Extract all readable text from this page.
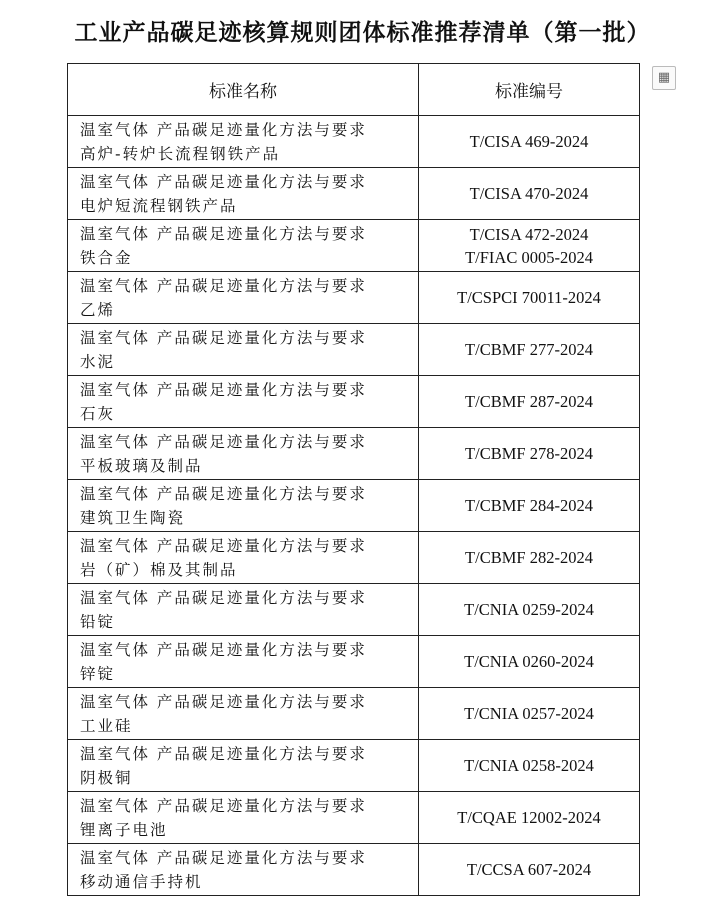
工业产品碳足迹核算规则团体标准推荐清单（第一批）
▦
标准名称	标准编号

温室气体 产品碳足迹量化方法与要求
高炉-转炉长流程钢铁产品	T/CISA 469-2024

温室气体 产品碳足迹量化方法与要求
电炉短流程钢铁产品	T/CISA 470-2024

温室气体 产品碳足迹量化方法与要求
铁合金	T/CISA 472-2024
T/FIAC 0005-2024

温室气体 产品碳足迹量化方法与要求
乙烯	T/CSPCI 70011-2024

温室气体 产品碳足迹量化方法与要求
水泥	T/CBMF 277-2024

温室气体 产品碳足迹量化方法与要求
石灰	T/CBMF 287-2024

温室气体 产品碳足迹量化方法与要求
平板玻璃及制品	T/CBMF 278-2024

温室气体 产品碳足迹量化方法与要求
建筑卫生陶瓷	T/CBMF 284-2024

温室气体 产品碳足迹量化方法与要求
岩（矿）棉及其制品	T/CBMF 282-2024

温室气体 产品碳足迹量化方法与要求
铅锭	T/CNIA 0259-2024

温室气体 产品碳足迹量化方法与要求
锌锭	T/CNIA 0260-2024

温室气体 产品碳足迹量化方法与要求
工业硅	T/CNIA 0257-2024

温室气体 产品碳足迹量化方法与要求
阴极铜	T/CNIA 0258-2024

温室气体 产品碳足迹量化方法与要求
锂离子电池	T/CQAE 12002-2024

温室气体 产品碳足迹量化方法与要求
移动通信手持机	T/CCSA 607-2024
